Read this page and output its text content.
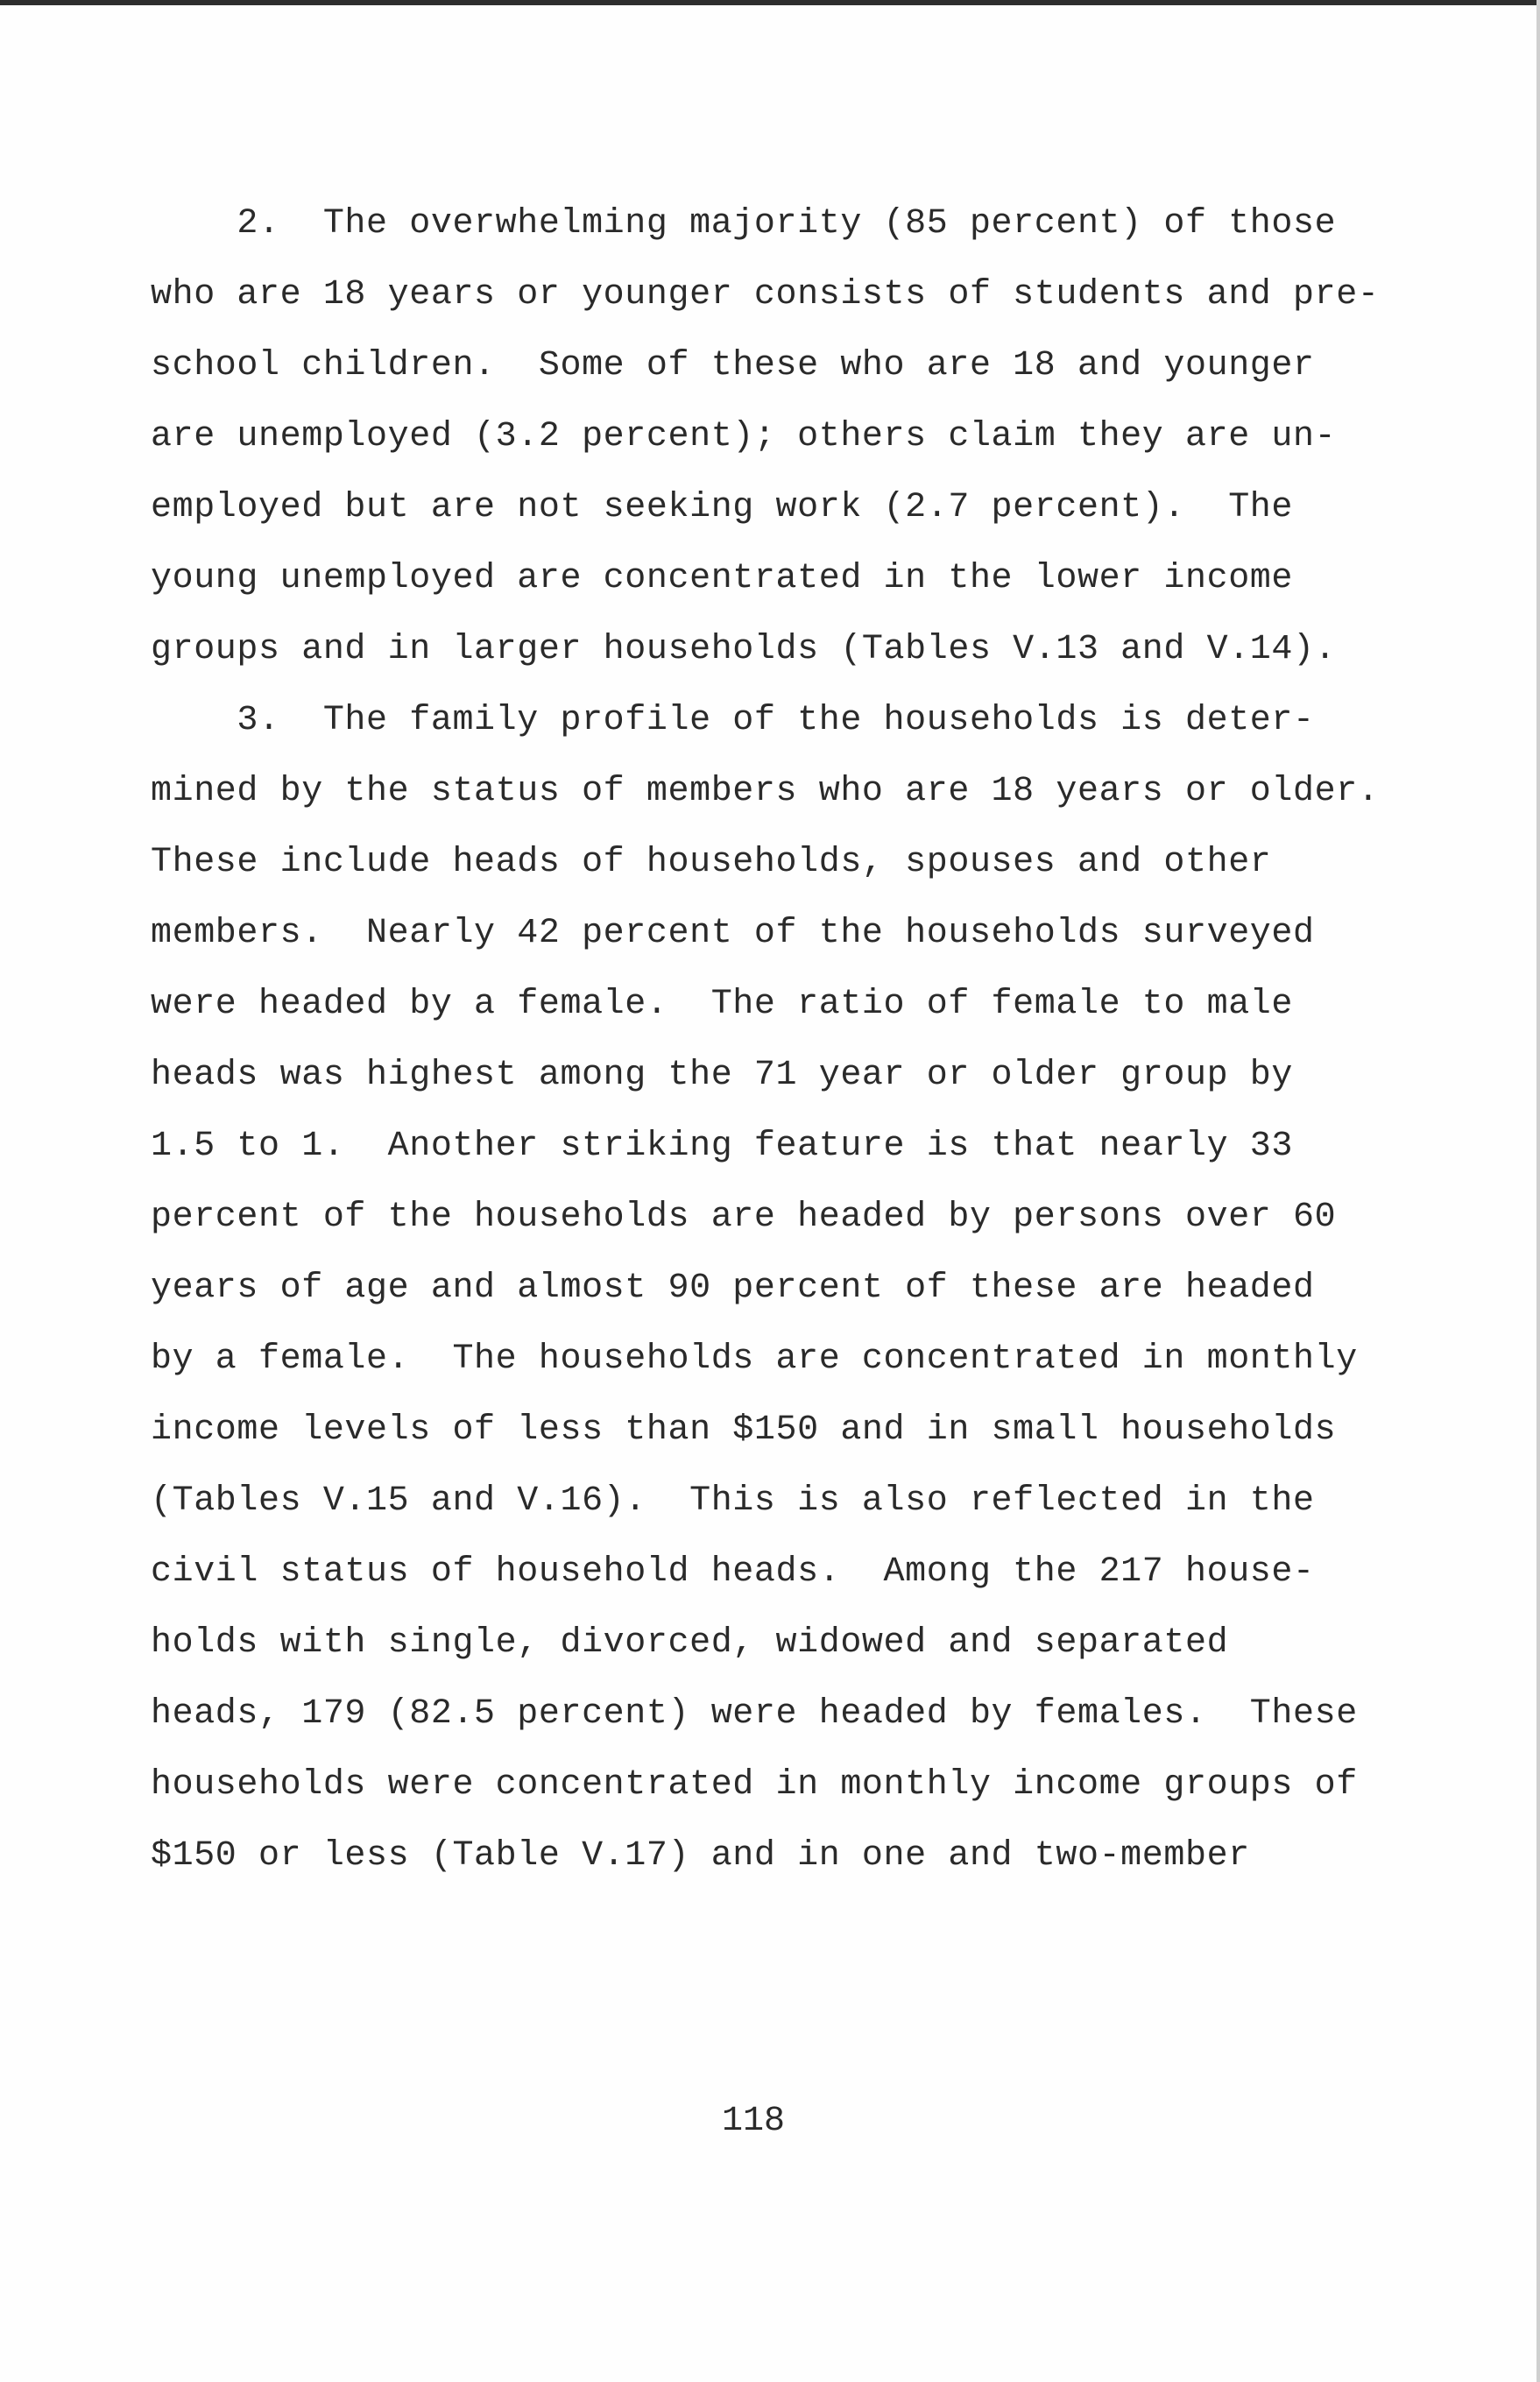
2.  The overwhelming majority (85 percent) of those
who are 18 years or younger consists of students and pre-
school children.  Some of these who are 18 and younger
are unemployed (3.2 percent); others claim they are un-
employed but are not seeking work (2.7 percent).  The
young unemployed are concentrated in the lower income
groups and in larger households (Tables V.13 and V.14).
3.  The family profile of the households is deter-
mined by the status of members who are 18 years or older.
These include heads of households, spouses and other
members.  Nearly 42 percent of the households surveyed
were headed by a female.  The ratio of female to male
heads was highest among the 71 year or older group by
1.5 to 1.  Another striking feature is that nearly 33
percent of the households are headed by persons over 60
years of age and almost 90 percent of these are headed
by a female.  The households are concentrated in monthly
income levels of less than $150 and in small households
(Tables V.15 and V.16).  This is also reflected in the
civil status of household heads.  Among the 217 house-
holds with single, divorced, widowed and separated
heads, 179 (82.5 percent) were headed by females.  These
households were concentrated in monthly income groups of
$150 or less (Table V.17) and in one and two-member
118
